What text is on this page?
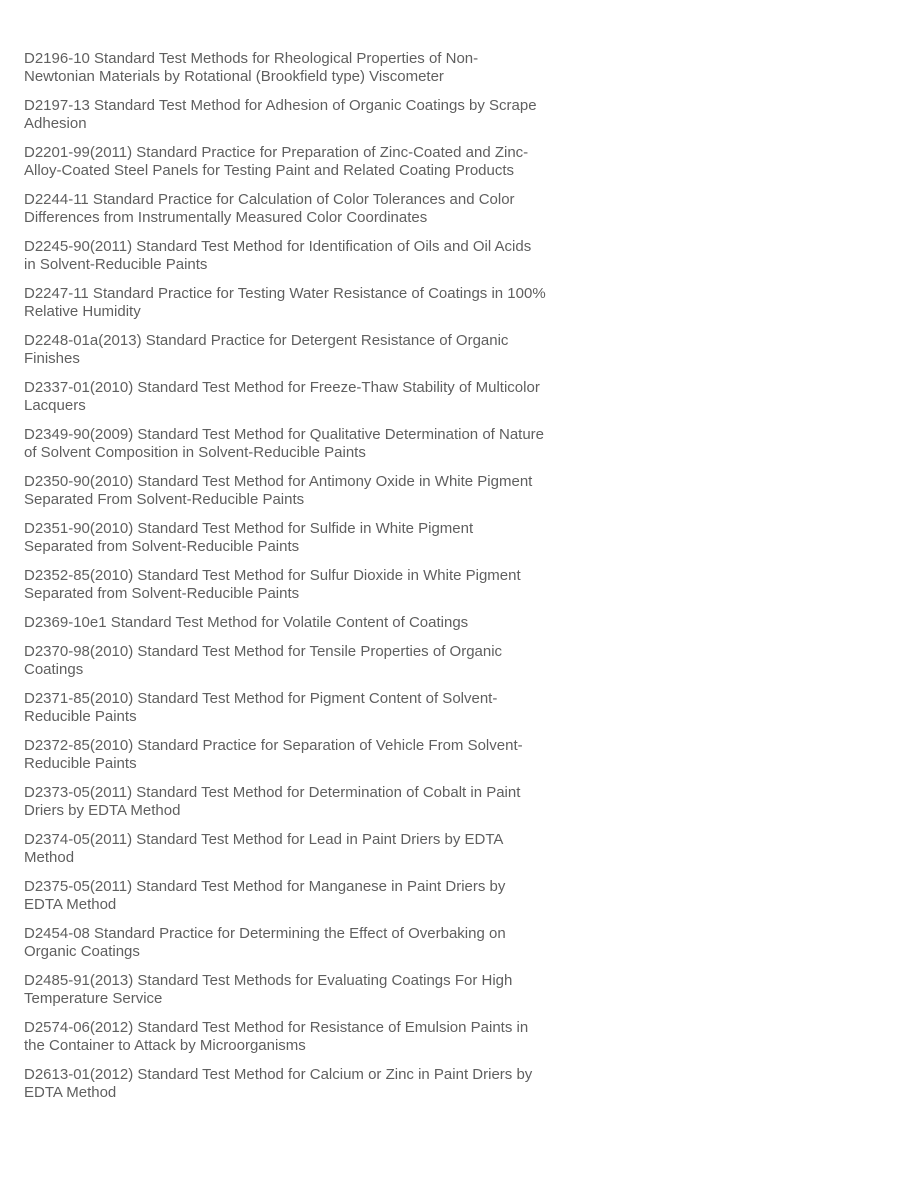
D2196-10 Standard Test Methods for Rheological Properties of Non-Newtonian Materials by Rotational (Brookfield type) Viscometer

D2197-13 Standard Test Method for Adhesion of Organic Coatings by Scrape Adhesion

D2201-99(2011) Standard Practice for Preparation of Zinc-Coated and Zinc-Alloy-Coated Steel Panels for Testing Paint and Related Coating Products

D2244-11 Standard Practice for Calculation of Color Tolerances and Color Differences from Instrumentally Measured Color Coordinates

D2245-90(2011) Standard Test Method for Identification of Oils and Oil Acids in Solvent-Reducible Paints

D2247-11 Standard Practice for Testing Water Resistance of Coatings in 100% Relative Humidity

D2248-01a(2013) Standard Practice for Detergent Resistance of Organic Finishes

D2337-01(2010) Standard Test Method for Freeze-Thaw Stability of Multicolor Lacquers

D2349-90(2009) Standard Test Method for Qualitative Determination of Nature of Solvent Composition in Solvent-Reducible Paints

D2350-90(2010) Standard Test Method for Antimony Oxide in White Pigment Separated From Solvent-Reducible Paints

D2351-90(2010) Standard Test Method for Sulfide in White Pigment Separated from Solvent-Reducible Paints

D2352-85(2010) Standard Test Method for Sulfur Dioxide in White Pigment Separated from Solvent-Reducible Paints

D2369-10e1 Standard Test Method for Volatile Content of Coatings

D2370-98(2010) Standard Test Method for Tensile Properties of Organic Coatings

D2371-85(2010) Standard Test Method for Pigment Content of Solvent-Reducible Paints

D2372-85(2010) Standard Practice for Separation of Vehicle From Solvent-Reducible Paints

D2373-05(2011) Standard Test Method for Determination of Cobalt in Paint Driers by EDTA Method

D2374-05(2011) Standard Test Method for Lead in Paint Driers by EDTA Method

D2375-05(2011) Standard Test Method for Manganese in Paint Driers by EDTA Method

D2454-08 Standard Practice for Determining the Effect of Overbaking on Organic Coatings

D2485-91(2013) Standard Test Methods for Evaluating Coatings For High Temperature Service

D2574-06(2012) Standard Test Method for Resistance of Emulsion Paints in the Container to Attack by Microorganisms

D2613-01(2012) Standard Test Method for Calcium or Zinc in Paint Driers by EDTA Method
